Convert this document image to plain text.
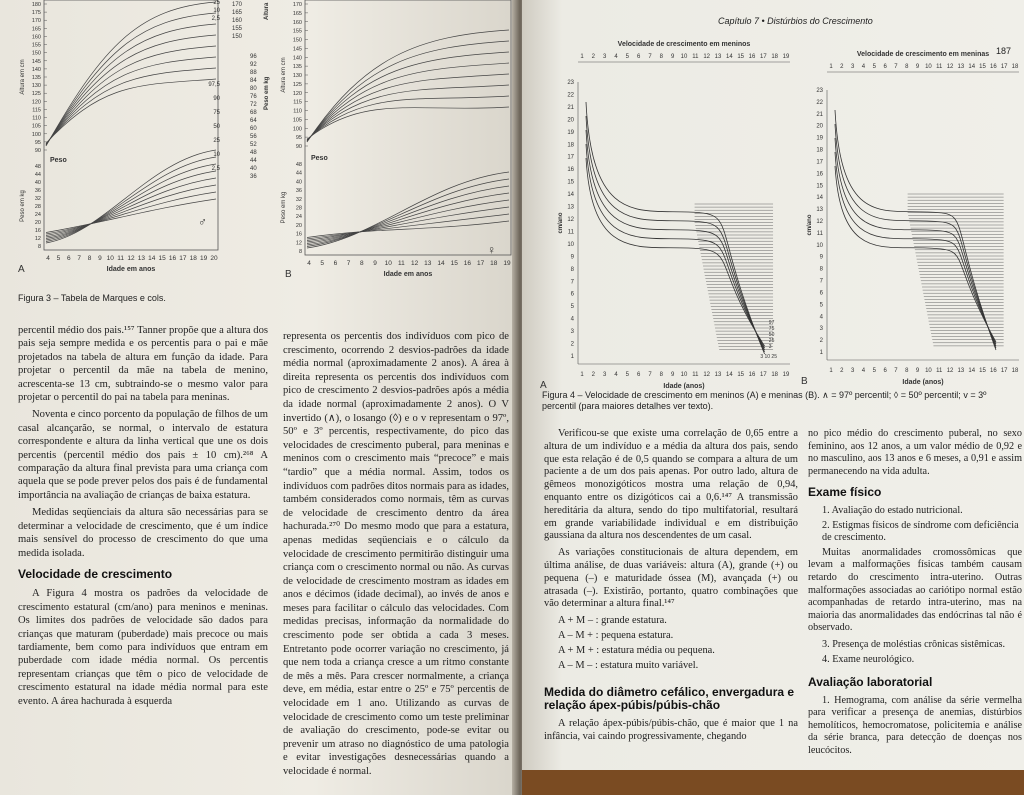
180
175
170
165
160
155
150
145
140
135
130
125
120
115
110
105
100
95
90
48
44
40
36
32
28
24
20
16
12
8
Altura em cm
Peso em kg
Peso
4 5 6 7 8 9 10 11 12 13 14 15 16 17 18 19 20
Idade em anos
A
♂
25
10
2,5
97,5
90
75
50
25
10
2,5
170
165
160
155
150
96
92
88
84
80
76
72
68
64
60
56
52
48
44
40
36
Altura
Peso em kg
170
165
160
155
150
145
140
135
130
125
120
115
110
105
100
95
90
48
44
40
36
32
28
24
20
16
12
8
Altura em cm
Peso em kg
Peso
4 5 6 7 8 9 10 11 12 13 14 15 16 17 18 19
Idade em anos
B
♀
Figura 3 – Tabela de Marques e cols.

percentil médio dos pais.¹⁵⁷ Tanner propõe que a altura dos pais seja sempre medida e os percentis para o pai e mãe projetados na tabela de altura em função da idade. Para projetar o percentil da mãe na tabela de menino, acrescenta-se 13 cm, subtraindo-se o mesmo valor para projetar o percentil do pai na tabela para meninas.

Noventa e cinco porcento da população de filhos de um casal alcançarão, se normal, o intervalo de estatura correspondente e altura da linha vertical que une os dois percentis (percentil médio dos pais ± 10 cm).²⁶⁸ A comparação da altura final prevista para uma criança com aquela que se pode prever pelos dos pais é de fundamental importância na avaliação de crianças de baixa estatura.

Medidas seqüenciais da altura são necessárias para se determinar a velocidade de crescimento, que é um índice mais sensível do processo de crescimento do que uma medida isolada.

Velocidade de crescimento

A Figura 4 mostra os padrões da velocidade de crescimento estatural (cm/ano) para meninos e meninas. Os limites dos padrões de velocidade são dados para crianças que maturam (puberdade) mais precoce ou mais tardiamente, bem como para indivíduos que entram em puberdade com idade média normal. Os percentis representam crianças que têm o pico de velocidade de crescimento estatural na idade média normal para este evento. A área hachurada à esquerda

representa os percentis dos indivíduos com pico de crescimento, ocorrendo 2 desvios-padrões da idade média normal (aproximadamente 2 anos). A área à direita representa os percentis dos indivíduos com pico de crescimento 2 desvios-padrões após a média da idade normal (aproximadamente 2 anos). O V invertido (∧), o losango (◊) e o v representam o 97º, 50º e 3º percentis, respectivamente, do pico das velocidades de crescimento puberal, para meninas e meninos com o crescimento mais “precoce” e mais “tardio” que a média normal. Assim, todos os indivíduos com padrões ditos normais para as idades, também considerados como normais, têm as curvas de velocidade de crescimento dentro da área hachurada.²⁷⁰ Do mesmo modo que para a estatura, apenas medidas seqüenciais e o cálculo da velocidade de crescimento permitirão distinguir uma criança com o crescimento normal ou não. As curvas de velocidade de crescimento mostram as idades em anos e décimos (idade decimal), ao invés de anos e meses para facilitar o cálculo das velocidades. Com medidas precisas, informação da normalidade do crescimento pode ser obtida a cada 3 meses. Entretanto pode ocorrer variação no crescimento, já que nem toda a criança cresce a um ritmo constante de mês a mês. Para crescer normalmente, a criança deve, em média, estar entre o 25º e 75º percentis de velocidade em 1 ano. Utilizando as curvas de velocidade de crescimento como um teste preliminar de avaliação do crescimento, pode-se evitar ou prevenir um atraso no diagnóstico de uma patologia e evitar investigações desnecessárias quando a velocidade é normal.

Capítulo 7 • Distúrbios do Crescimento
187
Velocidade de crescimento em meninos
1
1
2
2
3
3
4
4
5
5
6
6
7
7
8
8
9
9
10
10
11
11
12
12
13
13
14
14
15
15
16
16
17
17
18
18
19
19
23
22
21
20
19
18
17
16
15
14
13
12
11
10
9
8
7
6
5
4
3
2
1
cm/ano
Idade (anos)
A
97
75
50
25
3
3 10 25
Velocidade de crescimento em meninas
1
1
2
2
3
3
4
4
5
5
6
6
7
7
8
8
9
9
10
10
11
11
12
12
13
13
14
14
15
15
16
16
17
17
18
18
23
22
21
20
19
18
17
16
15
14
13
12
11
10
9
8
7
6
5
4
3
2
1
cm/ano
Idade (anos)
B
Figura 4 – Velocidade de crescimento em meninos (A) e meninas (B). ∧ = 97º percentil; ◊ = 50º percentil; v = 3º percentil (para maiores detalhes ver texto).

Verificou-se que existe uma correlação de 0,65 entre a altura de um indivíduo e a média da altura dos pais, sendo que esta relação é de 0,5 quando se compara a altura de um paciente a de um dos pais apenas. Por outro lado, altura de gêmeos monozigóticos mostra uma relação de 0,94, enquanto entre os dizigóticos cai a 0,6.¹⁴⁷ A transmissão hereditária da altura, sendo do tipo multifatorial, resultará em grande variabilidade individual e em distribuição gaussiana da altura nos descendentes de um casal.

As variações constitucionais de altura dependem, em última análise, de duas variáveis: altura (A), grande (+) ou pequena (–) e maturidade óssea (M), avançada (+) ou atrasada (–). Existirão, portanto, quatro combinações que vão determinar a altura final.¹⁴⁷

A + M – : grande estatura.
A – M + : pequena estatura.
A + M + : estatura média ou pequena.
A – M – : estatura muito variável.
Medida do diâmetro cefálico, envergadura e relação ápex-púbis/púbis-chão

A relação ápex-púbis/púbis-chão, que é maior que 1 na infância, vai caindo progressivamente, chegando

no pico médio do crescimento puberal, no sexo feminino, aos 12 anos, a um valor médio de 0,92 e no masculino, aos 13 anos e 6 meses, a 0,91 e assim permanecendo na vida adulta.

Exame físico
1. Avaliação do estado nutricional.
2. Estigmas físicos de síndrome com deficiência de crescimento.

Muitas anormalidades cromossômicas que levam a malformações físicas também causam retardo do crescimento intra-uterino. Outras malformações associadas ao cariótipo normal estão acompanhadas de retardo intra-uterino, mas na maioria das anormalidades das endócrinas tal não é observado.

3. Presença de moléstias crônicas sistêmicas.
4. Exame neurológico.
Avaliação laboratorial

1. Hemograma, com análise da série vermelha para verificar a presença de anemias, distúrbios hemolíticos, hemocromatose, policitemia e análise da série branca, para detecção de doenças nos leucócitos.
